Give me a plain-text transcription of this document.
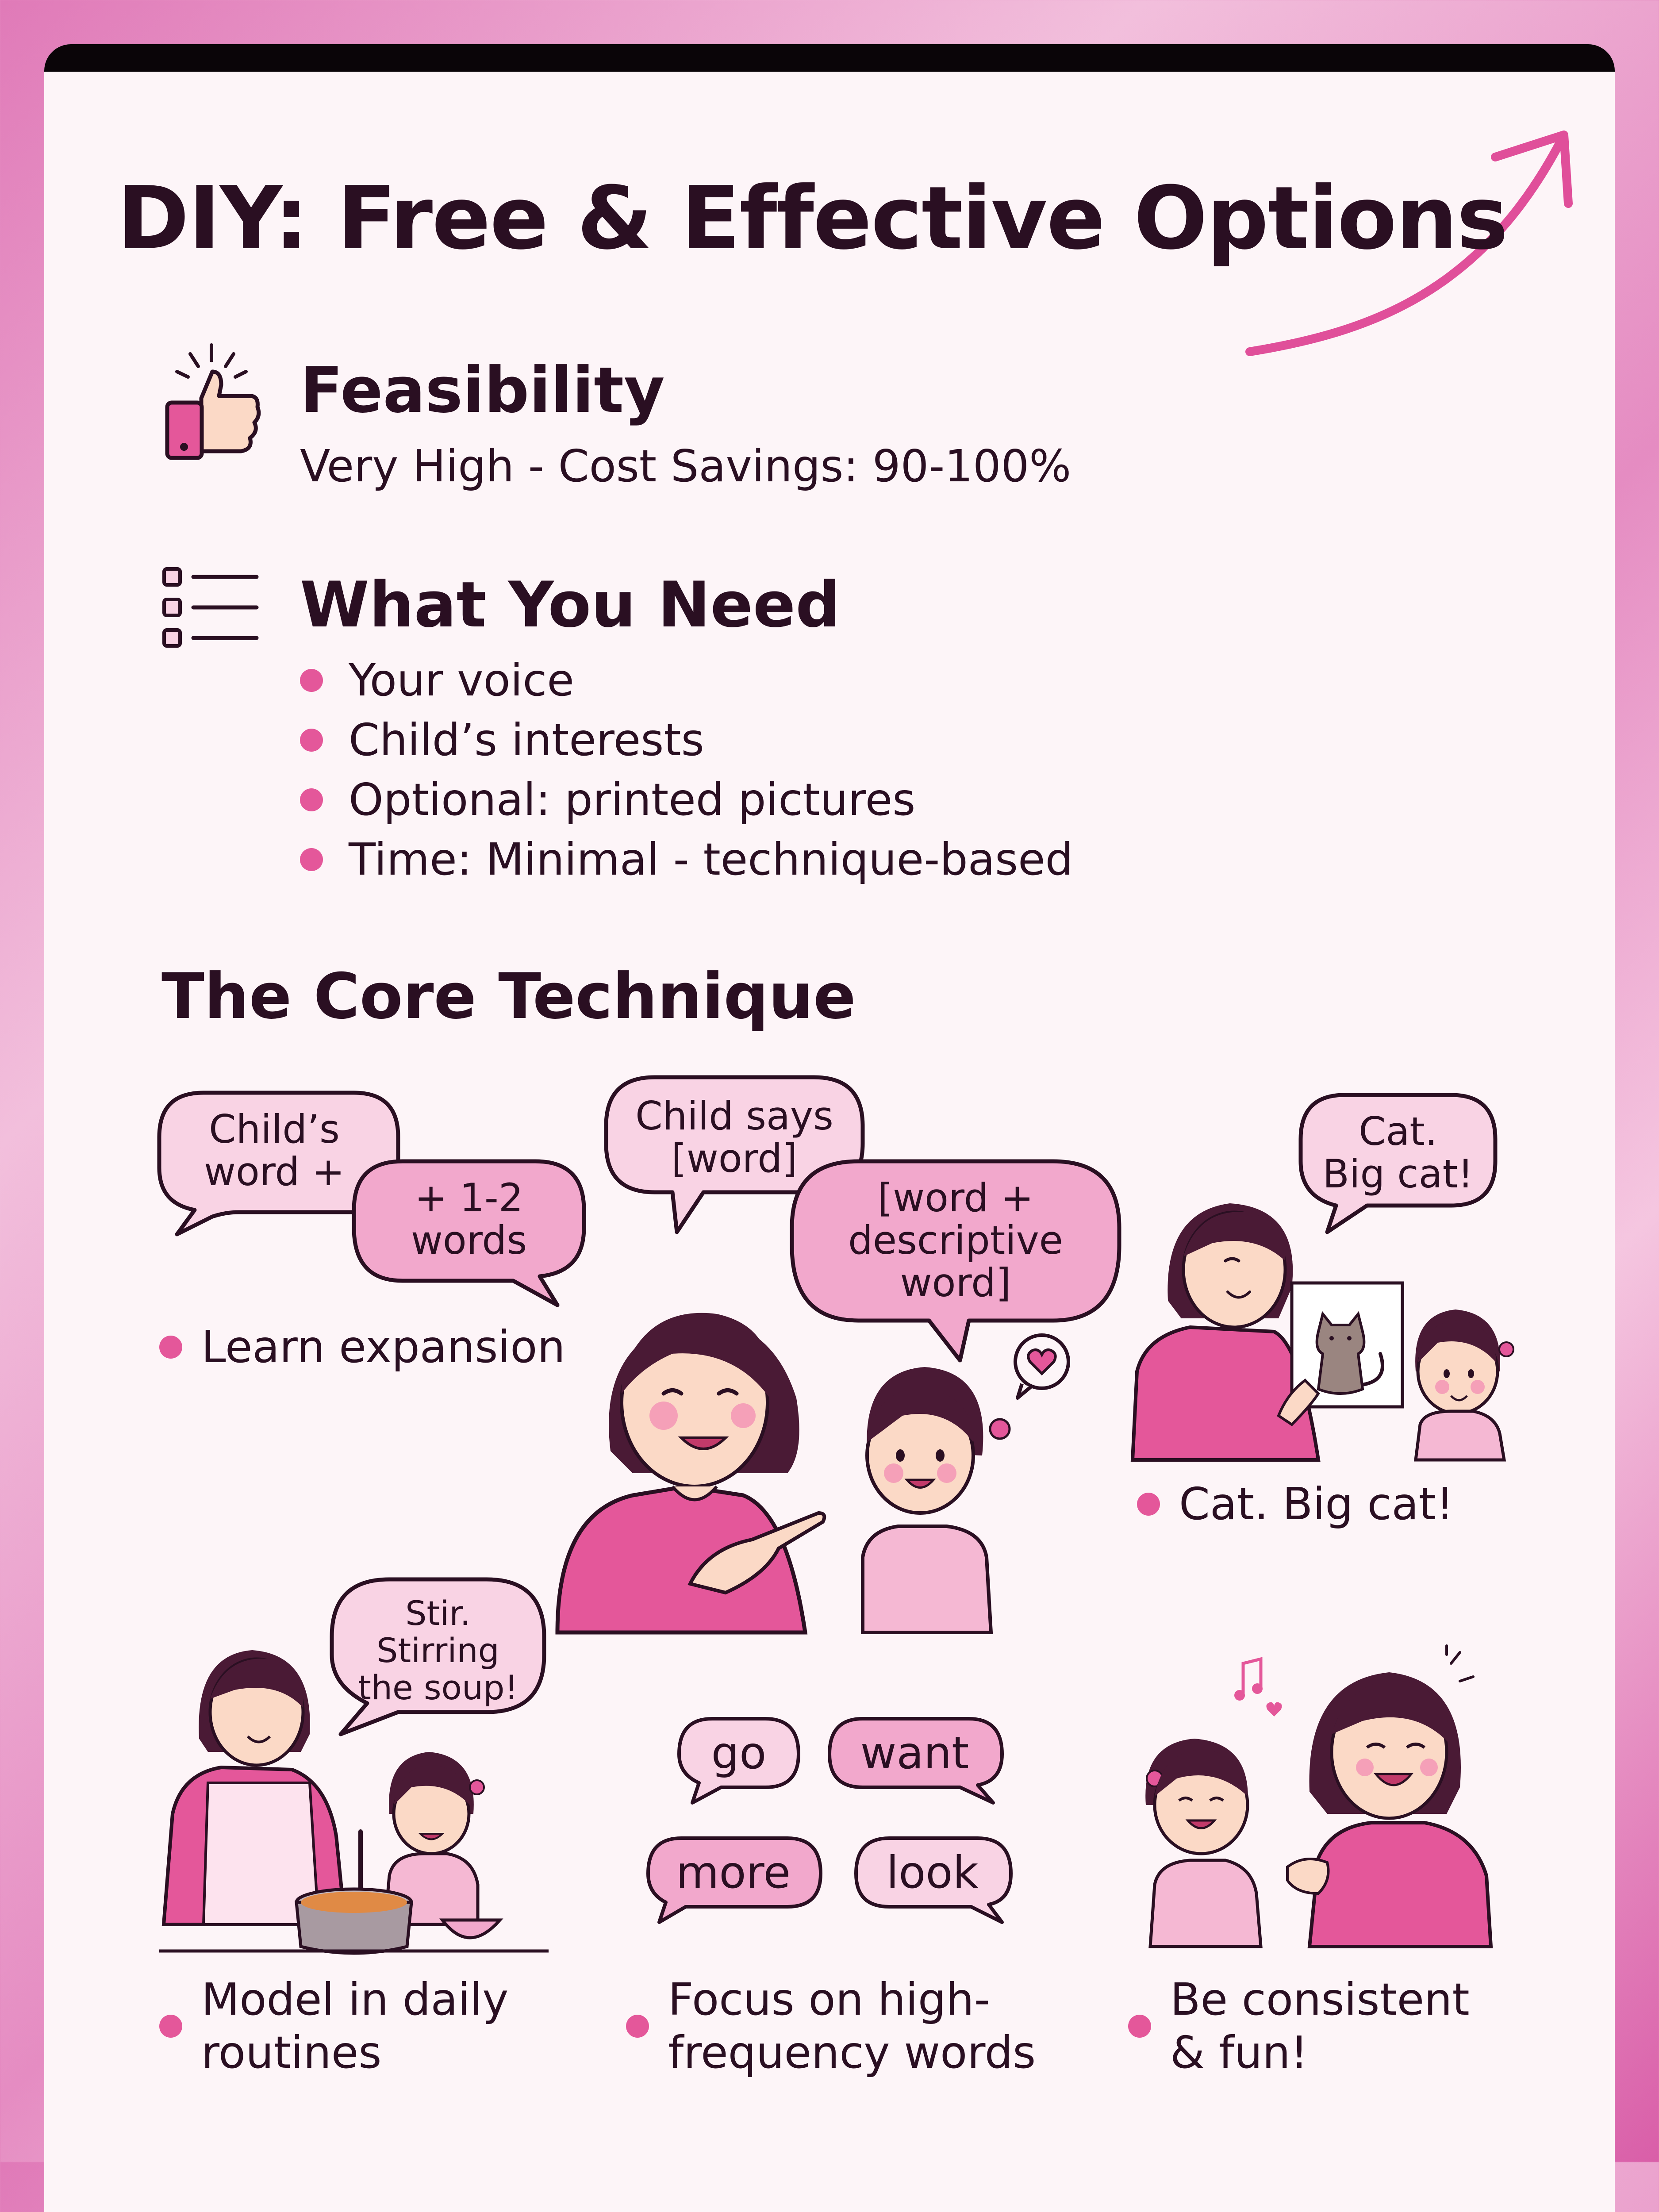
DIY: Free & Effective Options
Feasibility
Very High - Cost Savings: 90-100%
What You Need
Your voice
Child’s interests
Optional: printed pictures
Time: Minimal - technique-based
The Core Technique
Child’s
word +
+ 1-2
words
Learn expansion
Child says
[word]
[word +
descriptive
word]
Cat.
Big cat!
Cat. Big cat!
Stir.
Stirring
the soup!
Model in daily
routines
go	want
more	look
Focus on high-
frequency words
Be consistent
& fun!
